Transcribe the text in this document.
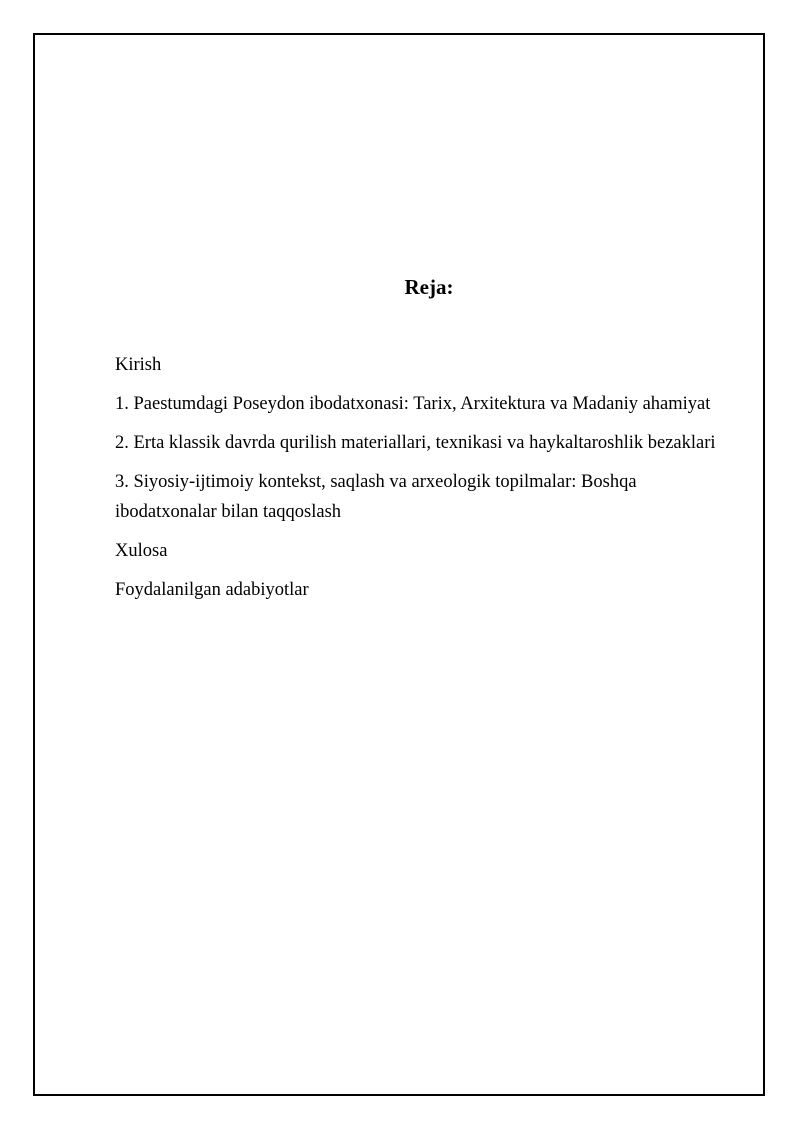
Reja:
Kirish
1. Paestumdagi Poseydon ibodatxonasi: Tarix, Arxitektura va Madaniy ahamiyat
2. Erta klassik davrda qurilish materiallari, texnikasi va haykaltaroshlik bezaklari
3. Siyosiy-ijtimoiy kontekst, saqlash va arxeologik topilmalar: Boshqa ibodatxonalar bilan taqqoslash
Xulosa
Foydalanilgan adabiyotlar
